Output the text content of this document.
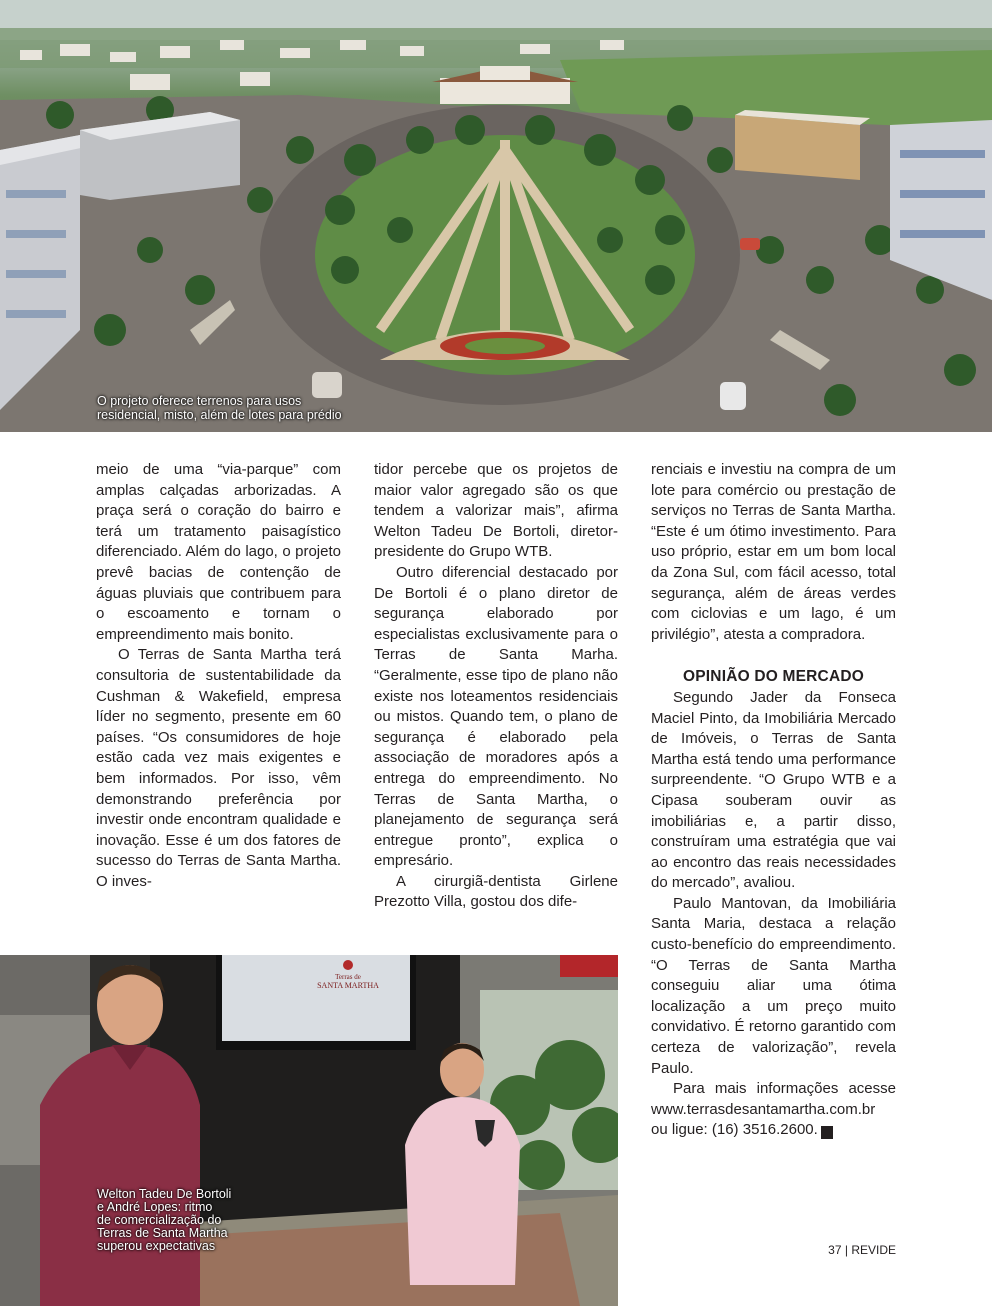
O projeto oferece terrenos para usos
residencial, misto, além de lotes para prédio

meio de uma “via-parque” com amplas calçadas arborizadas. A praça será o coração do bairro e terá um tratamento paisagístico diferenciado. Além do lago, o projeto prevê bacias de contenção de águas pluviais que contribuem para o escoamento e tornam o empreendimento mais bonito.

O Terras de Santa Martha terá consultoria de sustentabilidade da Cushman & Wakefield, empresa líder no segmento, presente em 60 países. “Os consumidores de hoje estão cada vez mais exigentes e bem informados. Por isso, vêm demonstrando preferência por investir onde encontram qualidade e inovação. Esse é um dos fatores de sucesso do Terras de Santa Martha. O inves-

tidor percebe que os projetos de maior valor agregado são os que tendem a valorizar mais”, afirma Welton Tadeu De Bortoli, diretor-presidente do Grupo WTB.

Outro diferencial destacado por De Bortoli é o plano diretor de segurança elaborado por especialistas exclusivamente para o Terras de Santa Marha. “Geralmente, esse tipo de plano não existe nos loteamentos residenciais ou mistos. Quando tem, o plano de segurança é elaborado pela associação de moradores após a entrega do empreendimento. No Terras de Santa Martha, o planejamento de segurança será entregue pronto”, explica o empresário.

A cirurgiã-dentista Girlene Prezotto Villa, gostou dos dife-

renciais e investiu na compra de um lote para comércio ou prestação de serviços no Terras de Santa Martha. “Este é um ótimo investimento. Para uso próprio, estar em um bom local da Zona Sul, com fácil acesso, total segurança, além de áreas verdes com ciclovias e um lago, é um privilégio”, atesta a compradora.

OPINIÃO DO MERCADO

Segundo Jader da Fonseca Maciel Pinto, da Imobiliária Mercado de Imóveis, o Terras de Santa Martha está tendo uma performance surpreendente. “O Grupo WTB e a Cipasa souberam ouvir as imobiliárias e, a partir disso, construíram uma estratégia que vai ao encontro das reais necessidades do mercado”, avaliou.

Paulo Mantovan, da Imobiliária Santa Maria, destaca a relação custo-benefício do empreendimento. “O Terras de Santa Martha conseguiu aliar uma ótima localização a um preço muito convidativo. É retorno garantido com certeza de valorização”, revela Paulo.

Para mais informações acesse www.terrasdesantamartha.com.br ou ligue: (16) 3516.2600. r

Terras de
SANTA MARTHA
Welton Tadeu De Bortoli
e André Lopes: ritmo
de comercialização do
Terras de Santa Martha
superou expectativas	37 | REVIDE
